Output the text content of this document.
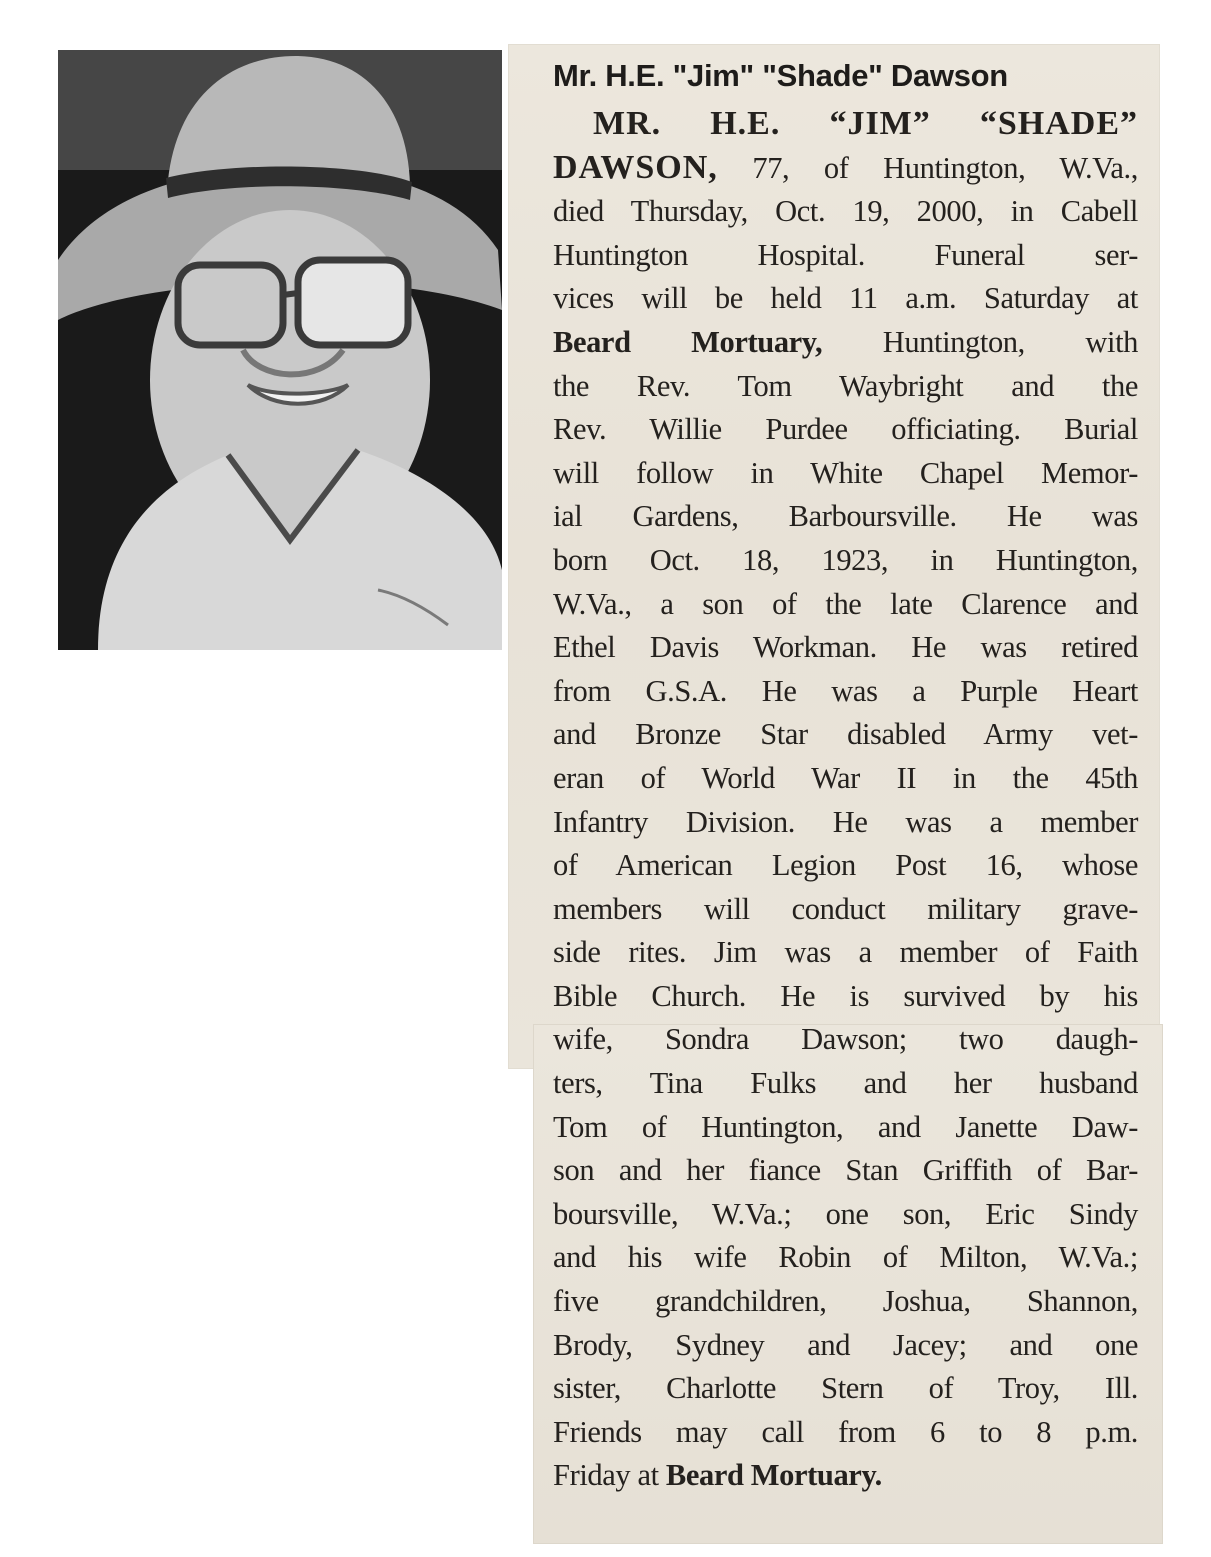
Mr. H.E. "Jim" "Shade" Dawson
MR. H.E. “JIM” “SHADE”
DAWSON, 77, of Huntington, W.Va.,
died Thursday, Oct. 19, 2000, in Cabell
Huntington Hospital. Funeral ser-
vices will be held 11 a.m. Saturday at
Beard Mortuary, Huntington, with
the Rev. Tom Waybright and the
Rev. Willie Purdee officiating. Burial
will follow in White Chapel Memor-
ial Gardens, Barboursville. He was
born Oct. 18, 1923, in Huntington,
W.Va., a son of the late Clarence and
Ethel Davis Workman. He was retired
from G.S.A. He was a Purple Heart
and Bronze Star disabled Army vet-
eran of World War II in the 45th
Infantry Division. He was a member
of American Legion Post 16, whose
members will conduct military grave-
side rites. Jim was a member of Faith
Bible Church. He is survived by his
wife, Sondra Dawson; two daugh-
ters, Tina Fulks and her husband
Tom of Huntington, and Janette Daw-
son and her fiance Stan Griffith of Bar-
boursville, W.Va.; one son, Eric Sindy
and his wife Robin of Milton, W.Va.;
five grandchildren, Joshua, Shannon,
Brody, Sydney and Jacey; and one
sister, Charlotte Stern of Troy, Ill.
Friends may call from 6 to 8 p.m.
Friday at Beard Mortuary.
